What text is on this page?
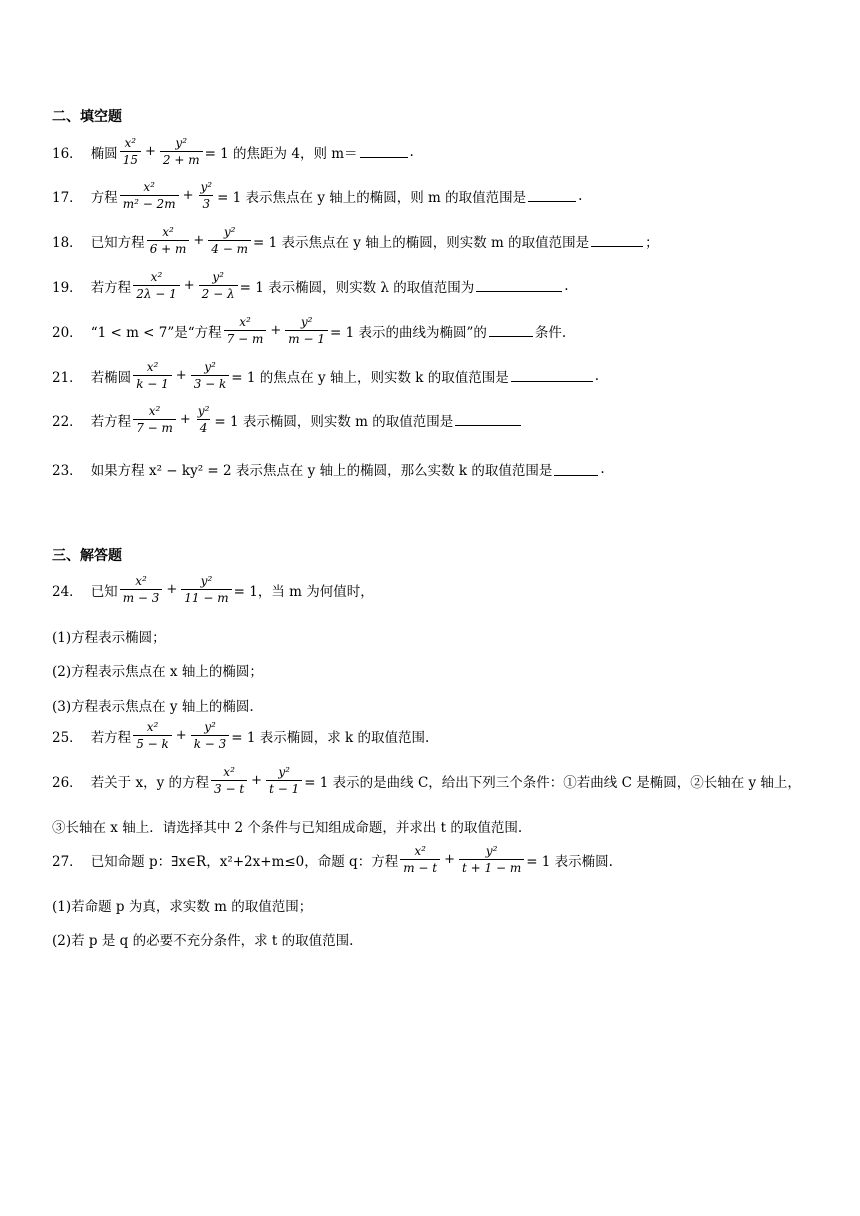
二、填空题
16． 椭圆 $\frac{\text{x²}}{15} + \frac{\text{y²}}{2 + m} = 1$ 的焦距为 4，则 m＝	.
17． 方程 $\frac{\text{x²}}{\text{m² − 2m}} + \frac{\text{y²}}{3} = 1$ 表示焦点在 y 轴上的椭圆，则 m 的取值范围是	.
18． 已知方程 $\frac{\text{x²}}{6 + m} + \frac{\text{y²}}{4 - m} = 1$ 表示焦点在 y 轴上的椭圆，则实数 m 的取值范围是	；
19． 若方程 $\frac{\text{x²}}{2\lambda - 1} + \frac{\text{y²}}{2 - \lambda} = 1$ 表示椭圆，则实数 λ 的取值范围为	.
20． “1 < m < 7”是“方程 $\frac{\text{x²}}{7 - m} + \frac{\text{y²}}{m - 1} = 1$ 表示的曲线为椭圆”的	条件.
21． 若椭圆 $\frac{\text{x²}}{k - 1} + \frac{\text{y²}}{3 - k} = 1$ 的焦点在 y 轴上，则实数 k 的取值范围是	.
22． 若方程 $\frac{\text{x²}}{7 - m} + \frac{\text{y²}}{4} = 1$ 表示椭圆，则实数 m 的取值范围是
23． 如果方程 x² − ky² = 2 表示焦点在 y 轴上的椭圆，那么实数 k 的取值范围是	.
三、解答题
24． 已知 $\frac{\text{x²}}{m - 3} + \frac{\text{y²}}{11 - m} = 1$，当 m 为何值时，
(1)方程表示椭圆；
(2)方程表示焦点在 x 轴上的椭圆；
(3)方程表示焦点在 y 轴上的椭圆.
25． 若方程 $\frac{\text{x²}}{5 - k} + \frac{\text{y²}}{k - 3} = 1$ 表示椭圆，求 k 的取值范围.
26． 若关于 x，y 的方程 $\frac{\text{x²}}{3 - t} + \frac{\text{y²}}{t - 1} = 1$ 表示的是曲线 C，给出下列三个条件：①若曲线 C 是椭圆，②长轴在 y 轴上，
③长轴在 x 轴上．请选择其中 2 个条件与已知组成命题，并求出 t 的取值范围.
27． 已知命题 p：∃x∈R，x²+2x+m≤0，命题 q：方程 $\frac{\text{x²}}{m - t} + \frac{\text{y²}}{t + 1 - m} = 1$ 表示椭圆.
(1)若命题 p 为真，求实数 m 的取值范围；
(2)若 p 是 q 的必要不充分条件，求 t 的取值范围.
